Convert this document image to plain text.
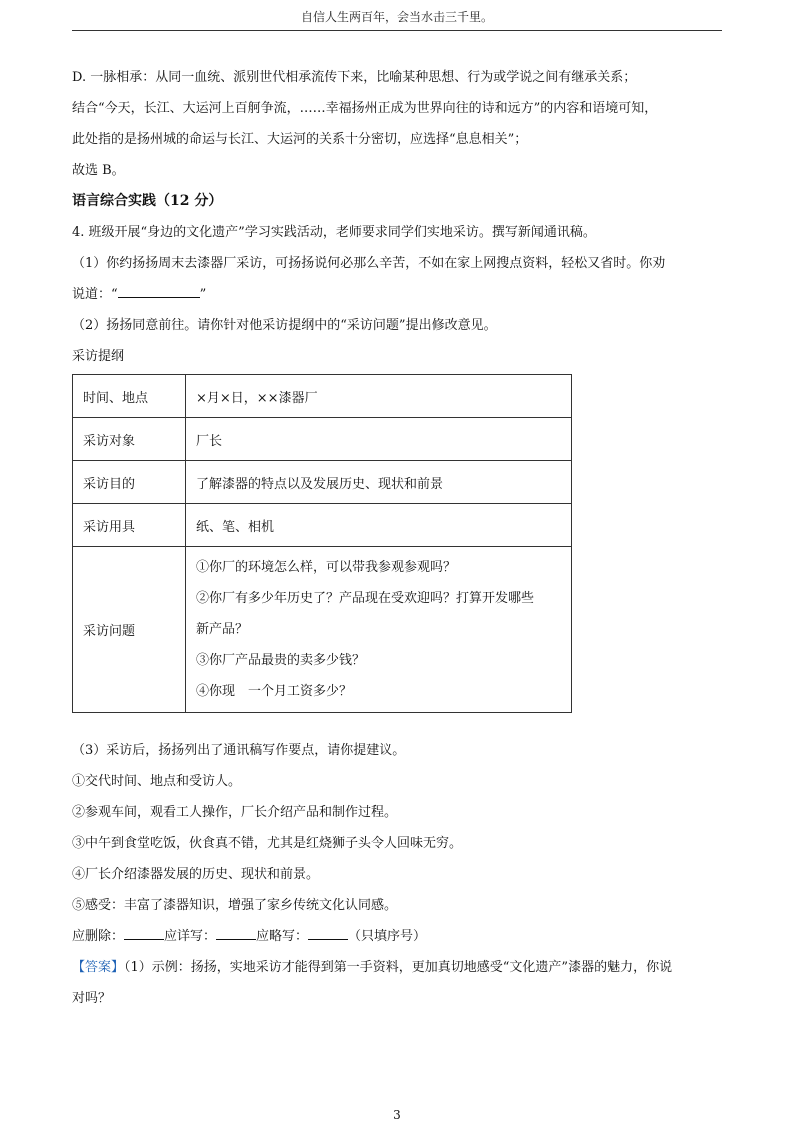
自信人生两百年，会当水击三千里。
D. 一脉相承：从同一血统、派别世代相承流传下来，比喻某种思想、行为或学说之间有继承关系；
结合“今天，长江、大运河上百舸争流，……幸福扬州正成为世界向往的诗和远方”的内容和语境可知，
此处指的是扬州城的命运与长江、大运河的关系十分密切，应选择“息息相关”；
故选 B。
语言综合实践（12 分）
4. 班级开展“身边的文化遗产”学习实践活动，老师要求同学们实地采访。撰写新闻通讯稿。
（1）你约扬扬周末去漆器厂采访，可扬扬说何必那么辛苦，不如在家上网搜点资料，轻松又省时。你劝
说道：“	”
（2）扬扬同意前往。请你针对他采访提纲中的“采访问题”提出修改意见。
采访提纲
时间、地点	×月×日，××漆器厂
采访对象	厂长
采访目的	了解漆器的特点以及发展历史、现状和前景
采访用具	纸、笔、相机
采访问题	①你厂的环境怎么样，可以带我参观参观吗？
②你厂有多少年历史了？产品现在受欢迎吗？打算开发哪些
新产品？
③你厂产品最贵的卖多少钱？
④你现　一个月工资多少？
（3）采访后，扬扬列出了通讯稿写作要点，请你提建议。
①交代时间、地点和受访人。
②参观车间，观看工人操作，厂长介绍产品和制作过程。
③中午到食堂吃饭，伙食真不错，尤其是红烧狮子头令人回味无穷。
④厂长介绍漆器发展的历史、现状和前景。
⑤感受：丰富了漆器知识，增强了家乡传统文化认同感。
应删除：	应详写：	应略写：	（只填序号）
【答案】（1）示例：扬扬，实地采访才能得到第一手资料，更加真切地感受“文化遗产”漆器的魅力，你说
对吗？
3
